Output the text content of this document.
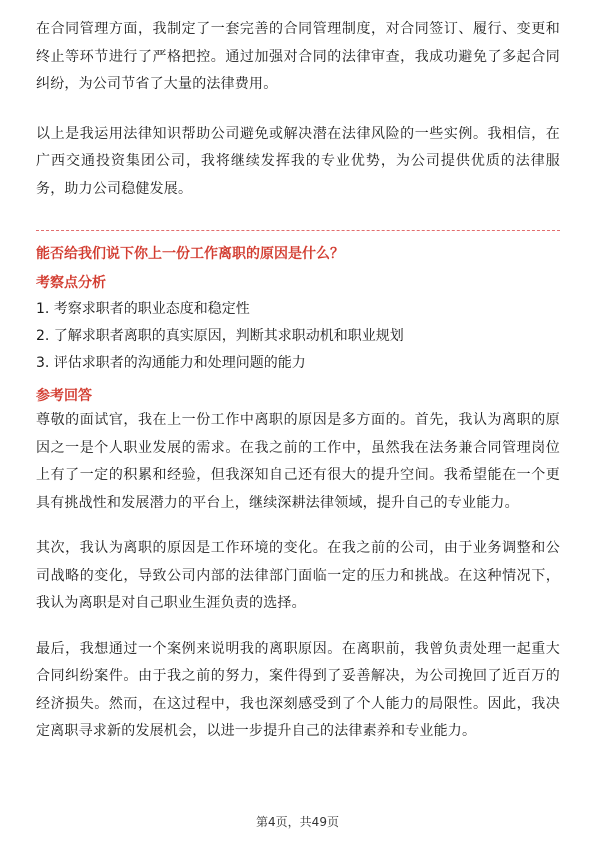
在合同管理方面，我制定了一套完善的合同管理制度，对合同签订、履行、变更和终止等环节进行了严格把控。通过加强对合同的法律审查，我成功避免了多起合同纠纷，为公司节省了大量的法律费用。

以上是我运用法律知识帮助公司避免或解决潜在法律风险的一些实例。我相信，在广西交通投资集团公司，我将继续发挥我的专业优势，为公司提供优质的法律服务，助力公司稳健发展。

能否给我们说下你上一份工作离职的原因是什么？
考察点分析
1. 考察求职者的职业态度和稳定性
2. 了解求职者离职的真实原因，判断其求职动机和职业规划
3. 评估求职者的沟通能力和处理问题的能力
参考回答

尊敬的面试官，我在上一份工作中离职的原因是多方面的。首先，我认为离职的原因之一是个人职业发展的需求。在我之前的工作中，虽然我在法务兼合同管理岗位上有了一定的积累和经验，但我深知自己还有很大的提升空间。我希望能在一个更具有挑战性和发展潜力的平台上，继续深耕法律领域，提升自己的专业能力。

其次，我认为离职的原因是工作环境的变化。在我之前的公司，由于业务调整和公司战略的变化，导致公司内部的法律部门面临一定的压力和挑战。在这种情况下，我认为离职是对自己职业生涯负责的选择。

最后，我想通过一个案例来说明我的离职原因。在离职前，我曾负责处理一起重大合同纠纷案件。由于我之前的努力，案件得到了妥善解决，为公司挽回了近百万的经济损失。然而，在这过程中，我也深刻感受到了个人能力的局限性。因此，我决定离职寻求新的发展机会，以进一步提升自己的法律素养和专业能力。

第4页，共49页
